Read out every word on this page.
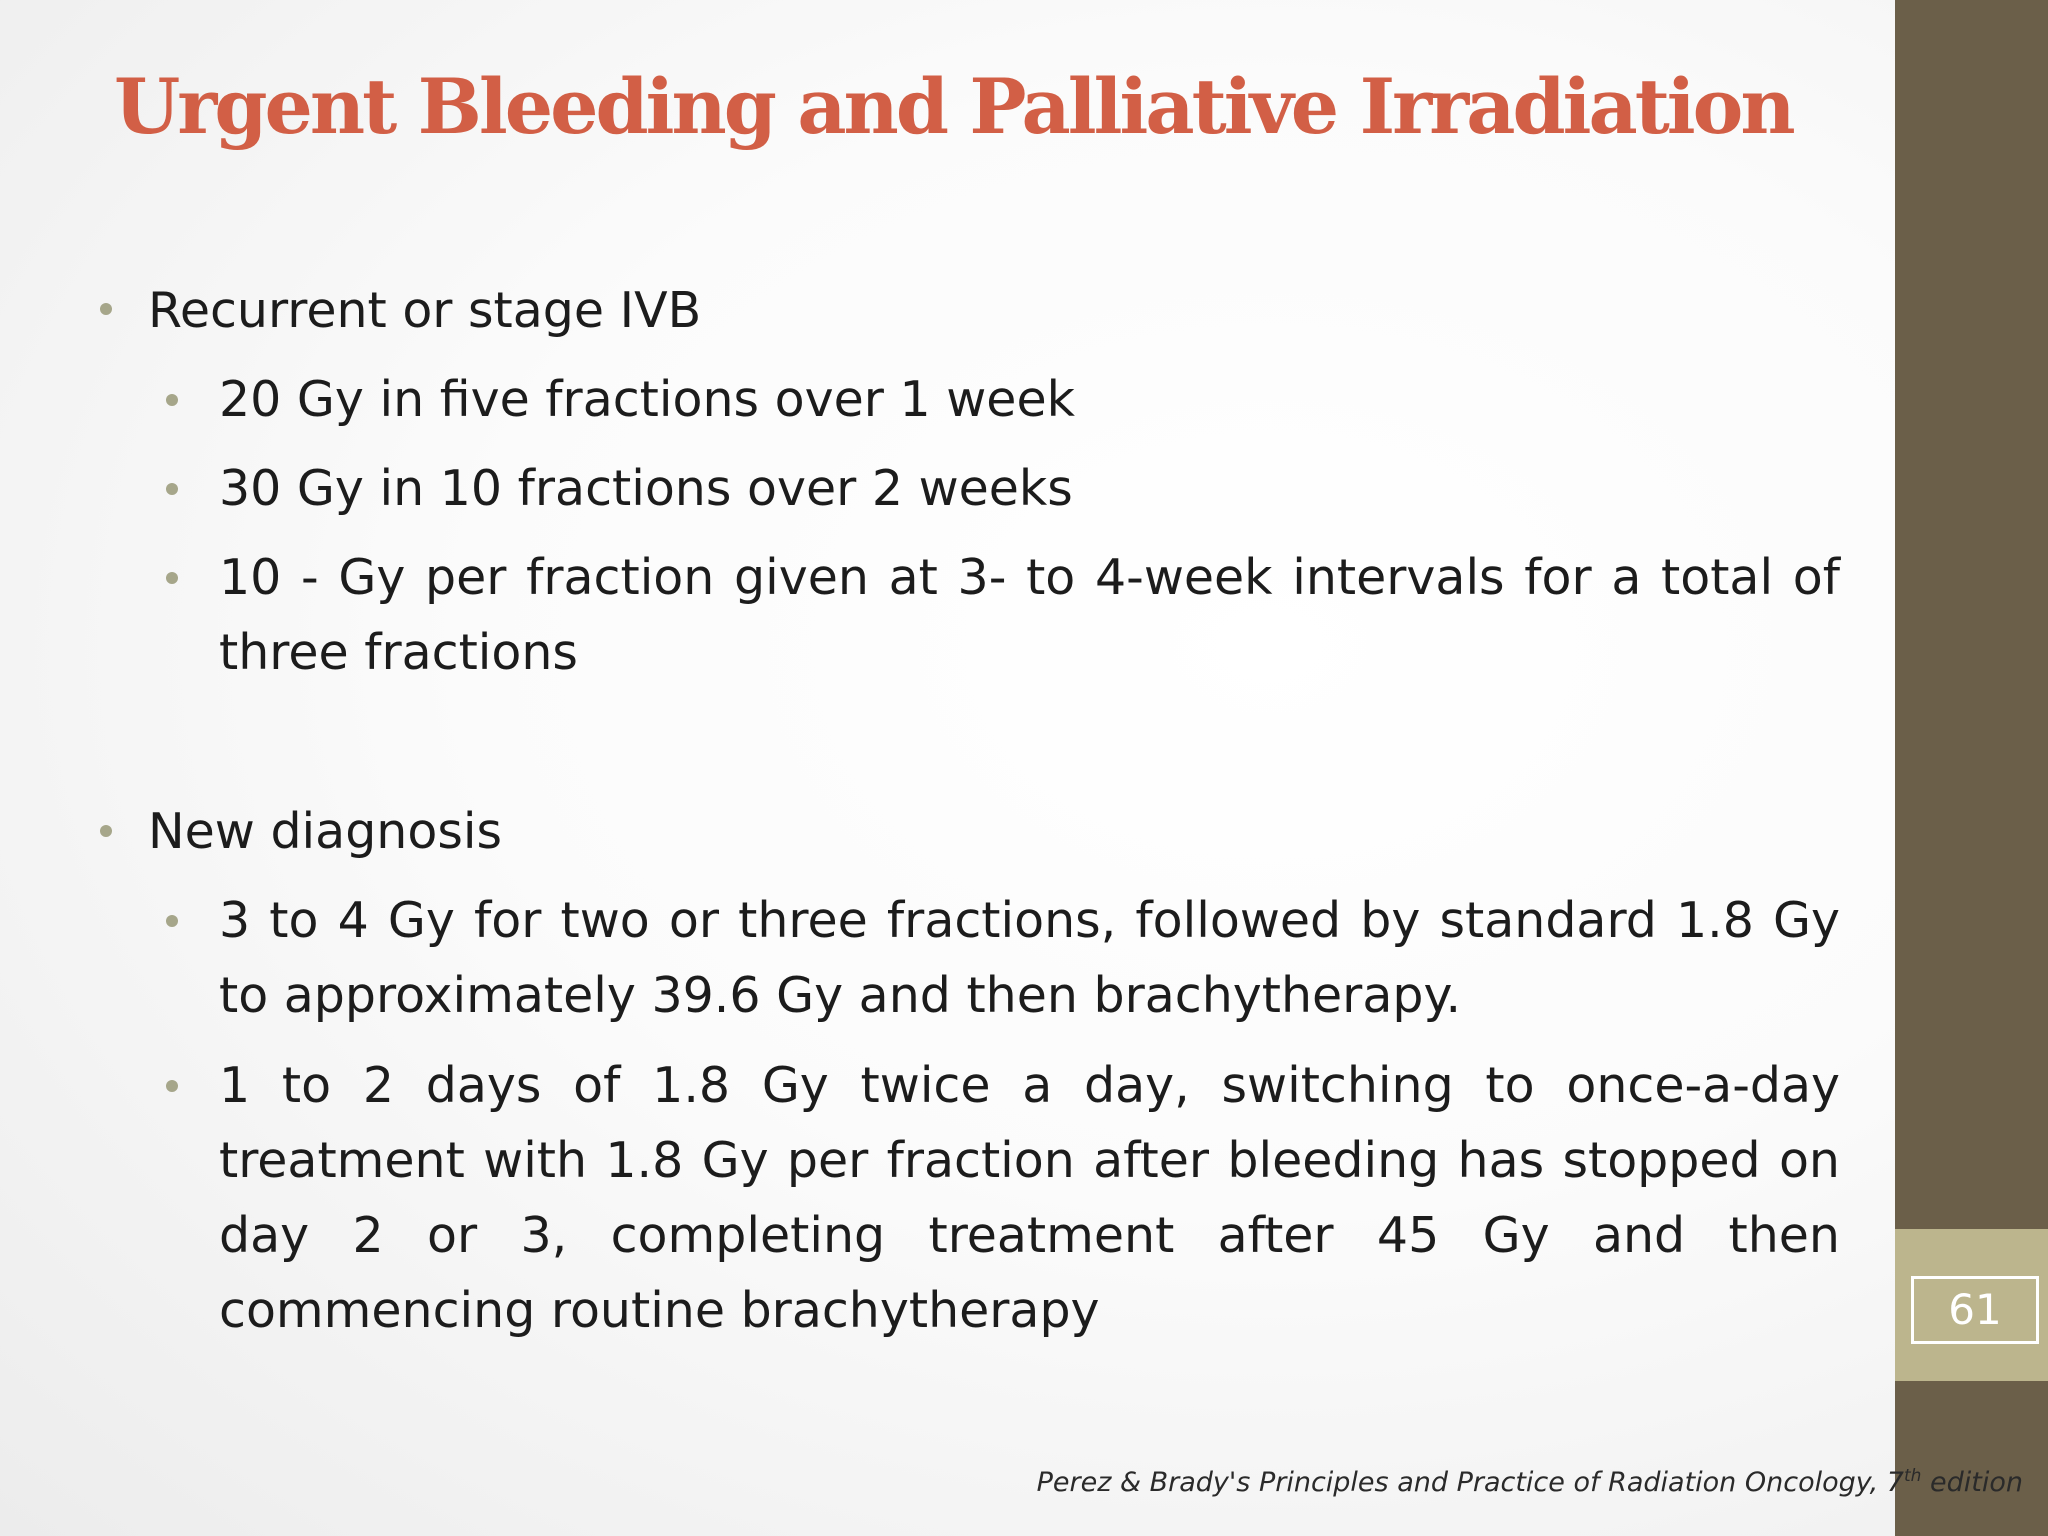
Urgent Bleeding and Palliative Irradiation
Recurrent or stage IVB
20 Gy in five fractions over 1 week
30 Gy in 10 fractions over 2 weeks
10 - Gy per fraction given at 3- to 4-week intervals for a total of three fractions
New diagnosis
3 to 4 Gy for two or three fractions, followed by standard 1.8 Gy to approximately 39.6 Gy and then brachytherapy.
1 to 2 days of 1.8 Gy twice a day, switching to once-a-day treatment with 1.8 Gy per fraction after bleeding has stopped on day 2 or 3, completing treatment after 45 Gy and then commencing routine brachytherapy	61
Perez & Brady's Principles and Practice of Radiation Oncology, 7th edition
